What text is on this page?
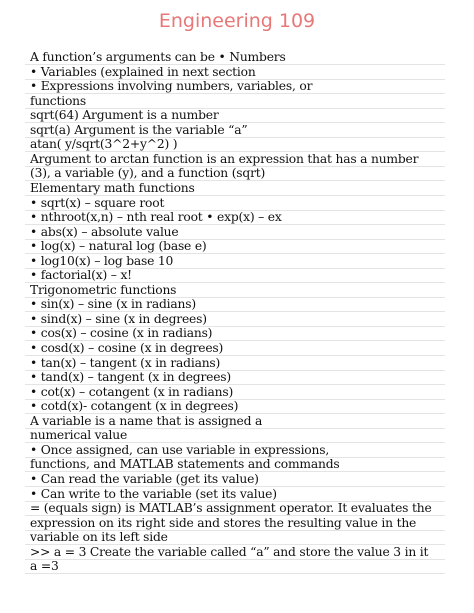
Engineering 109
A function’s arguments can be • Numbers
• Variables (explained in next section
• Expressions involving numbers, variables, or
functions
sqrt(64) Argument is a number
sqrt(a) Argument is the variable “a”
atan( y/sqrt(3^2+y^2) )
Argument to arctan function is an expression that has a number
(3), a variable (y), and a function (sqrt)
Elementary math functions
• sqrt(x) – square root
• nthroot(x,n) – nth real root • exp(x) – ex
• abs(x) – absolute value
• log(x) – natural log (base e)
• log10(x) – log base 10
• factorial(x) – x!
Trigonometric functions
• sin(x) – sine (x in radians)
• sind(x) – sine (x in degrees)
• cos(x) – cosine (x in radians)
• cosd(x) – cosine (x in degrees)
• tan(x) – tangent (x in radians)
• tand(x) – tangent (x in degrees)
• cot(x) – cotangent (x in radians)
• cotd(x)- cotangent (x in degrees)
A variable is a name that is assigned a
numerical value
• Once assigned, can use variable in expressions,
functions, and MATLAB statements and commands
• Can read the variable (get its value)
• Can write to the variable (set its value)
= (equals sign) is MATLAB’s assignment operator. It evaluates the
expression on its right side and stores the resulting value in the
variable on its left side
>> a = 3 Create the variable called “a” and store the value 3 in it
a =3
